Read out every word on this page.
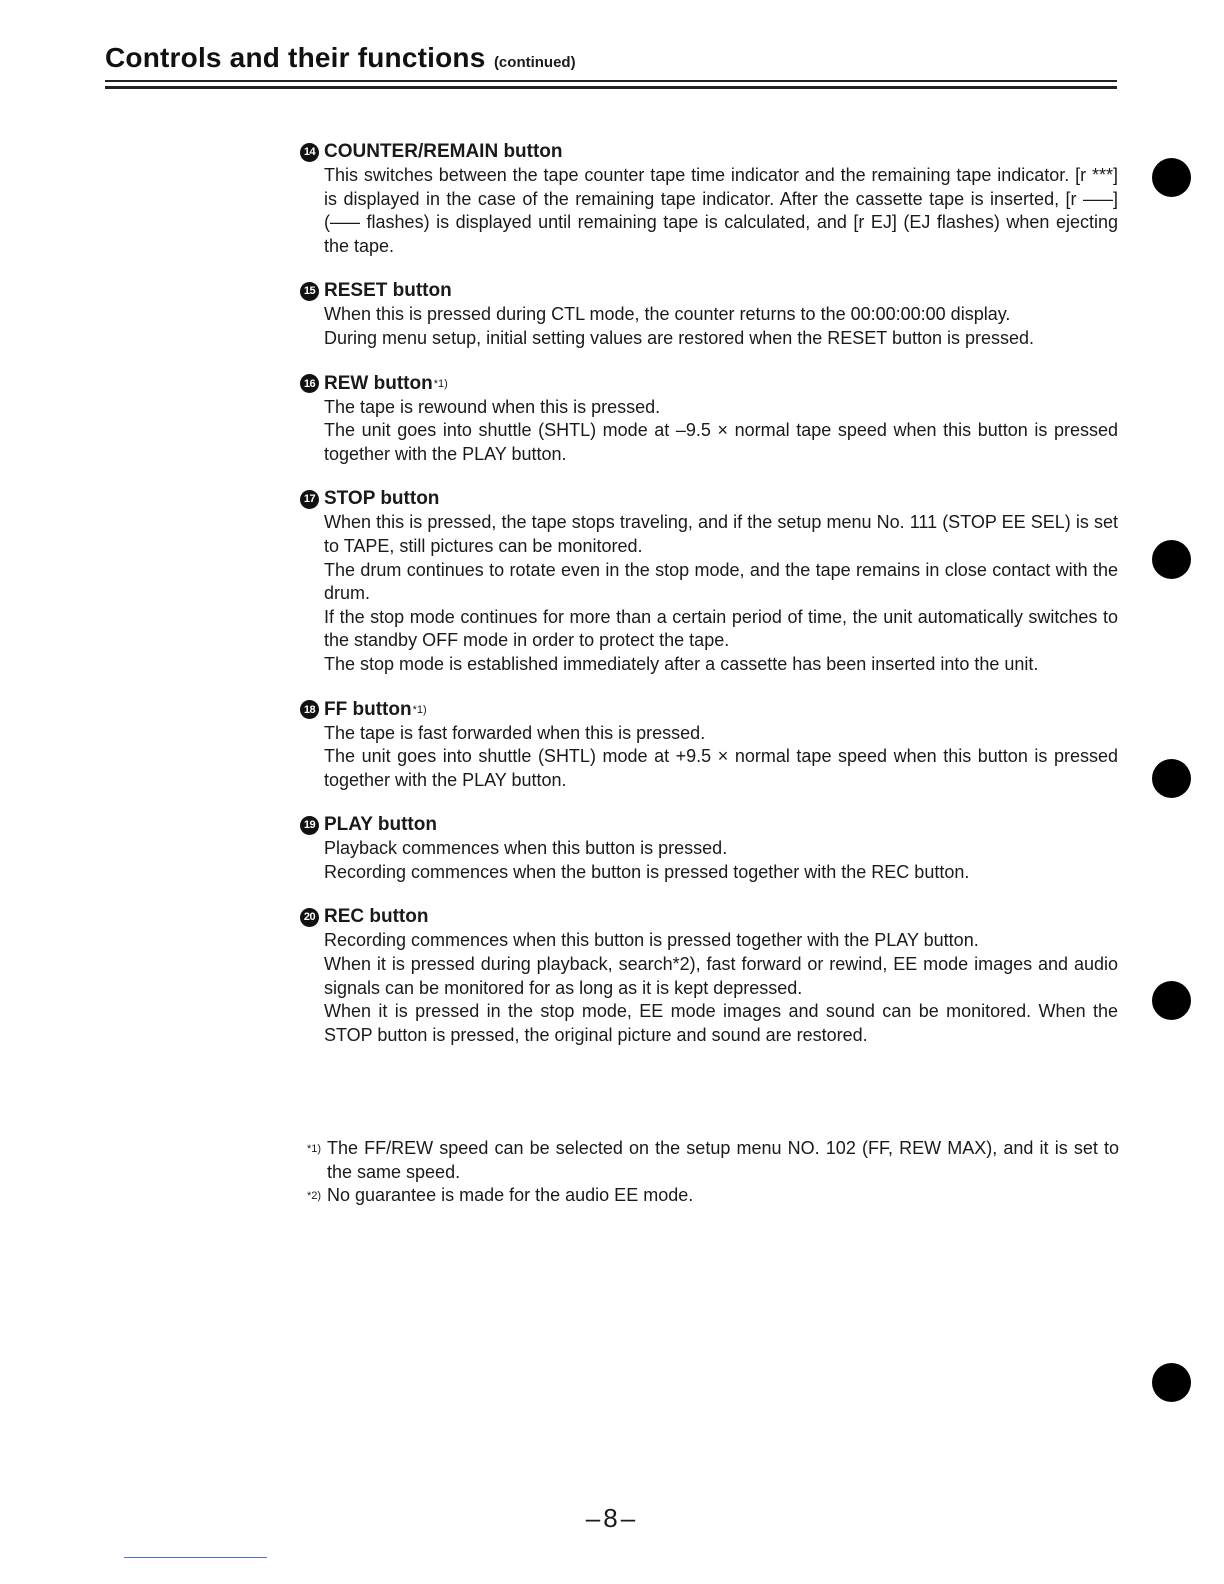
Controls and their functions (continued)
14 COUNTER/REMAIN button

This switches between the tape counter tape time indicator and the remaining tape indicator. [r ***] is displayed in the case of the remaining tape indicator. After the cassette tape is inserted, [r –––] (––– flashes) is displayed until remaining tape is calculated, and [r EJ] (EJ flashes) when ejecting the tape.

15 RESET button

When this is pressed during CTL mode, the counter returns to the 00:00:00:00 display.

During menu setup, initial setting values are restored when the RESET button is pressed.

16 REW button *1)

The tape is rewound when this is pressed.

The unit goes into shuttle (SHTL) mode at –9.5 × normal tape speed when this button is pressed together with the PLAY button.

17 STOP button

When this is pressed, the tape stops traveling, and if the setup menu No. 111 (STOP EE SEL) is set to TAPE, still pictures can be monitored.

The drum continues to rotate even in the stop mode, and the tape remains in close contact with the drum.

If the stop mode continues for more than a certain period of time, the unit automatically switches to the standby OFF mode in order to protect the tape.

The stop mode is established immediately after a cassette has been inserted into the unit.

18 FF button *1)

The tape is fast forwarded when this is pressed.

The unit goes into shuttle (SHTL) mode at +9.5 × normal tape speed when this button is pressed together with the PLAY button.

19 PLAY button

Playback commences when this button is pressed.

Recording commences when the button is pressed together with the REC button.

20 REC button

Recording commences when this button is pressed together with the PLAY button.

When it is pressed during playback, search*2), fast forward or rewind, EE mode images and audio signals can be monitored for as long as it is kept depressed.

When it is pressed in the stop mode, EE mode images and sound can be monitored. When the STOP button is pressed, the original picture and sound are restored.

*1) The FF/REW speed can be selected on the setup menu NO. 102 (FF, REW MAX), and it is set to the same speed.
*2) No guarantee is made for the audio EE mode.
–8–
